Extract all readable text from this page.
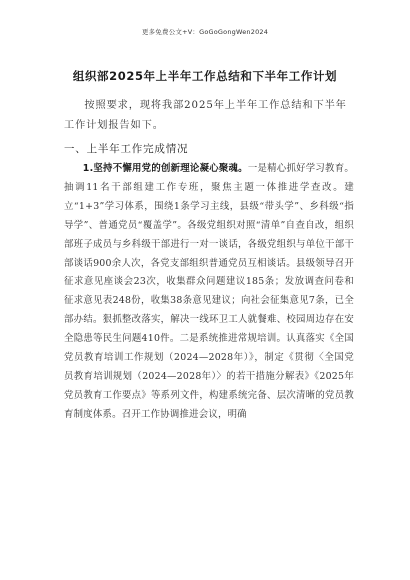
更多免费公文+V：GoGoGongWen2024
组织部2025年上半年工作总结和下半年工作计划

按照要求，现将我部2025年上半年工作总结和下半年工作计划报告如下。

一、上半年工作完成情况

1.坚持不懈用党的创新理论凝心聚魂。一是精心抓好学习教育。抽调11名干部组建工作专班，聚焦主题一体推进学查改。建立“1+3”学习体系，围绕1条学习主线，县级“带头学”、乡科级“指导学”、普通党员“覆盖学”。各级党组织对照“清单”自查自改，组织部班子成员与乡科级干部进行一对一谈话，各级党组织与单位干部干部谈话900余人次，各党支部组织普通党员互相谈话。县级领导召开征求意见座谈会23次，收集群众问题建议185条；发放调查问卷和征求意见表248份，收集38条意见建议；向社会征集意见7条，已全部办结。狠抓整改落实，解决一线环卫工人就餐难、校园周边存在安全隐患等民生问题410件。二是系统推进常规培训。认真落实《全国党员教育培训工作规划（2024—2028年）》，制定《贯彻〈全国党员教育培训规划（2024—2028年）〉的若干措施分解表》《2025年党员教育工作要点》等系列文件，构建系统完备、层次清晰的党员教育制度体系。召开工作协调推进会议，明确
